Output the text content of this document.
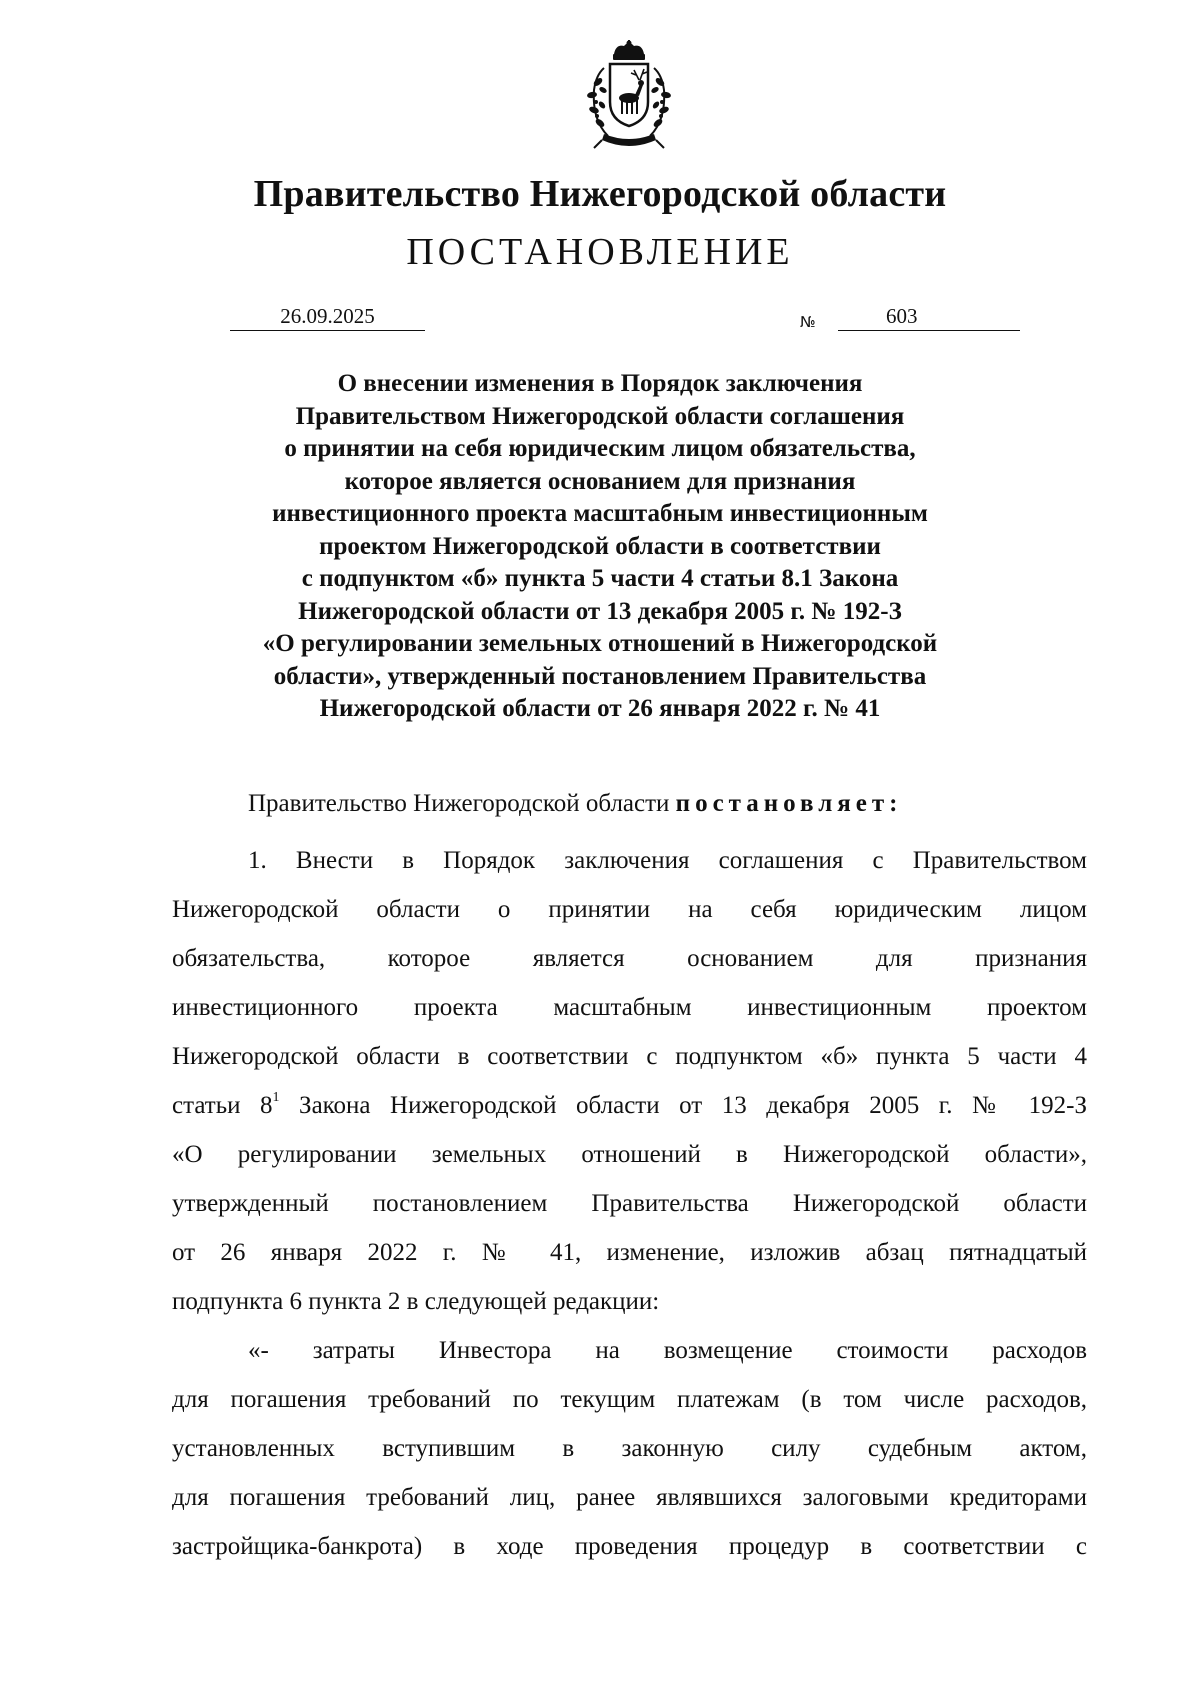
Правительство Нижегородской области
ПОСТАНОВЛЕНИЕ
26.09.2025	№	603
О внесении изменения в Порядок заключения
Правительством Нижегородской области соглашения
о принятии на себя юридическим лицом обязательства,
которое является основанием для признания
инвестиционного проекта масштабным инвестиционным
проектом Нижегородской области в соответствии
с подпунктом «б» пункта 5 части 4 статьи 8.1 Закона
Нижегородской области от 13 декабря 2005 г. № 192-З
«О регулировании земельных отношений в Нижегородской
области», утвержденный постановлением Правительства
Нижегородской области от 26 января 2022 г. № 41
Правительство Нижегородской области постановляет:
1. Внести в Порядок заключения соглашения с Правительством
Нижегородской области о принятии на себя юридическим лицом
обязательства, которое является основанием для признания
инвестиционного проекта масштабным инвестиционным проектом
Нижегородской области в соответствии с подпунктом «б» пункта 5 части 4
статьи $8^1$ Закона Нижегородской области от 13 декабря 2005 г. № 192-З
«О регулировании земельных отношений в Нижегородской области»,
утвержденный постановлением Правительства Нижегородской области
от 26 января 2022 г. № 41, изменение, изложив абзац пятнадцатый
подпункта 6 пункта 2 в следующей редакции:
«- затраты Инвестора на возмещение стоимости расходов
для погашения требований по текущим платежам (в том числе расходов,
установленных вступившим в законную силу судебным актом,
для погашения требований лиц, ранее являвшихся залоговыми кредиторами
застройщика-банкрота) в ходе проведения процедур в соответствии с
